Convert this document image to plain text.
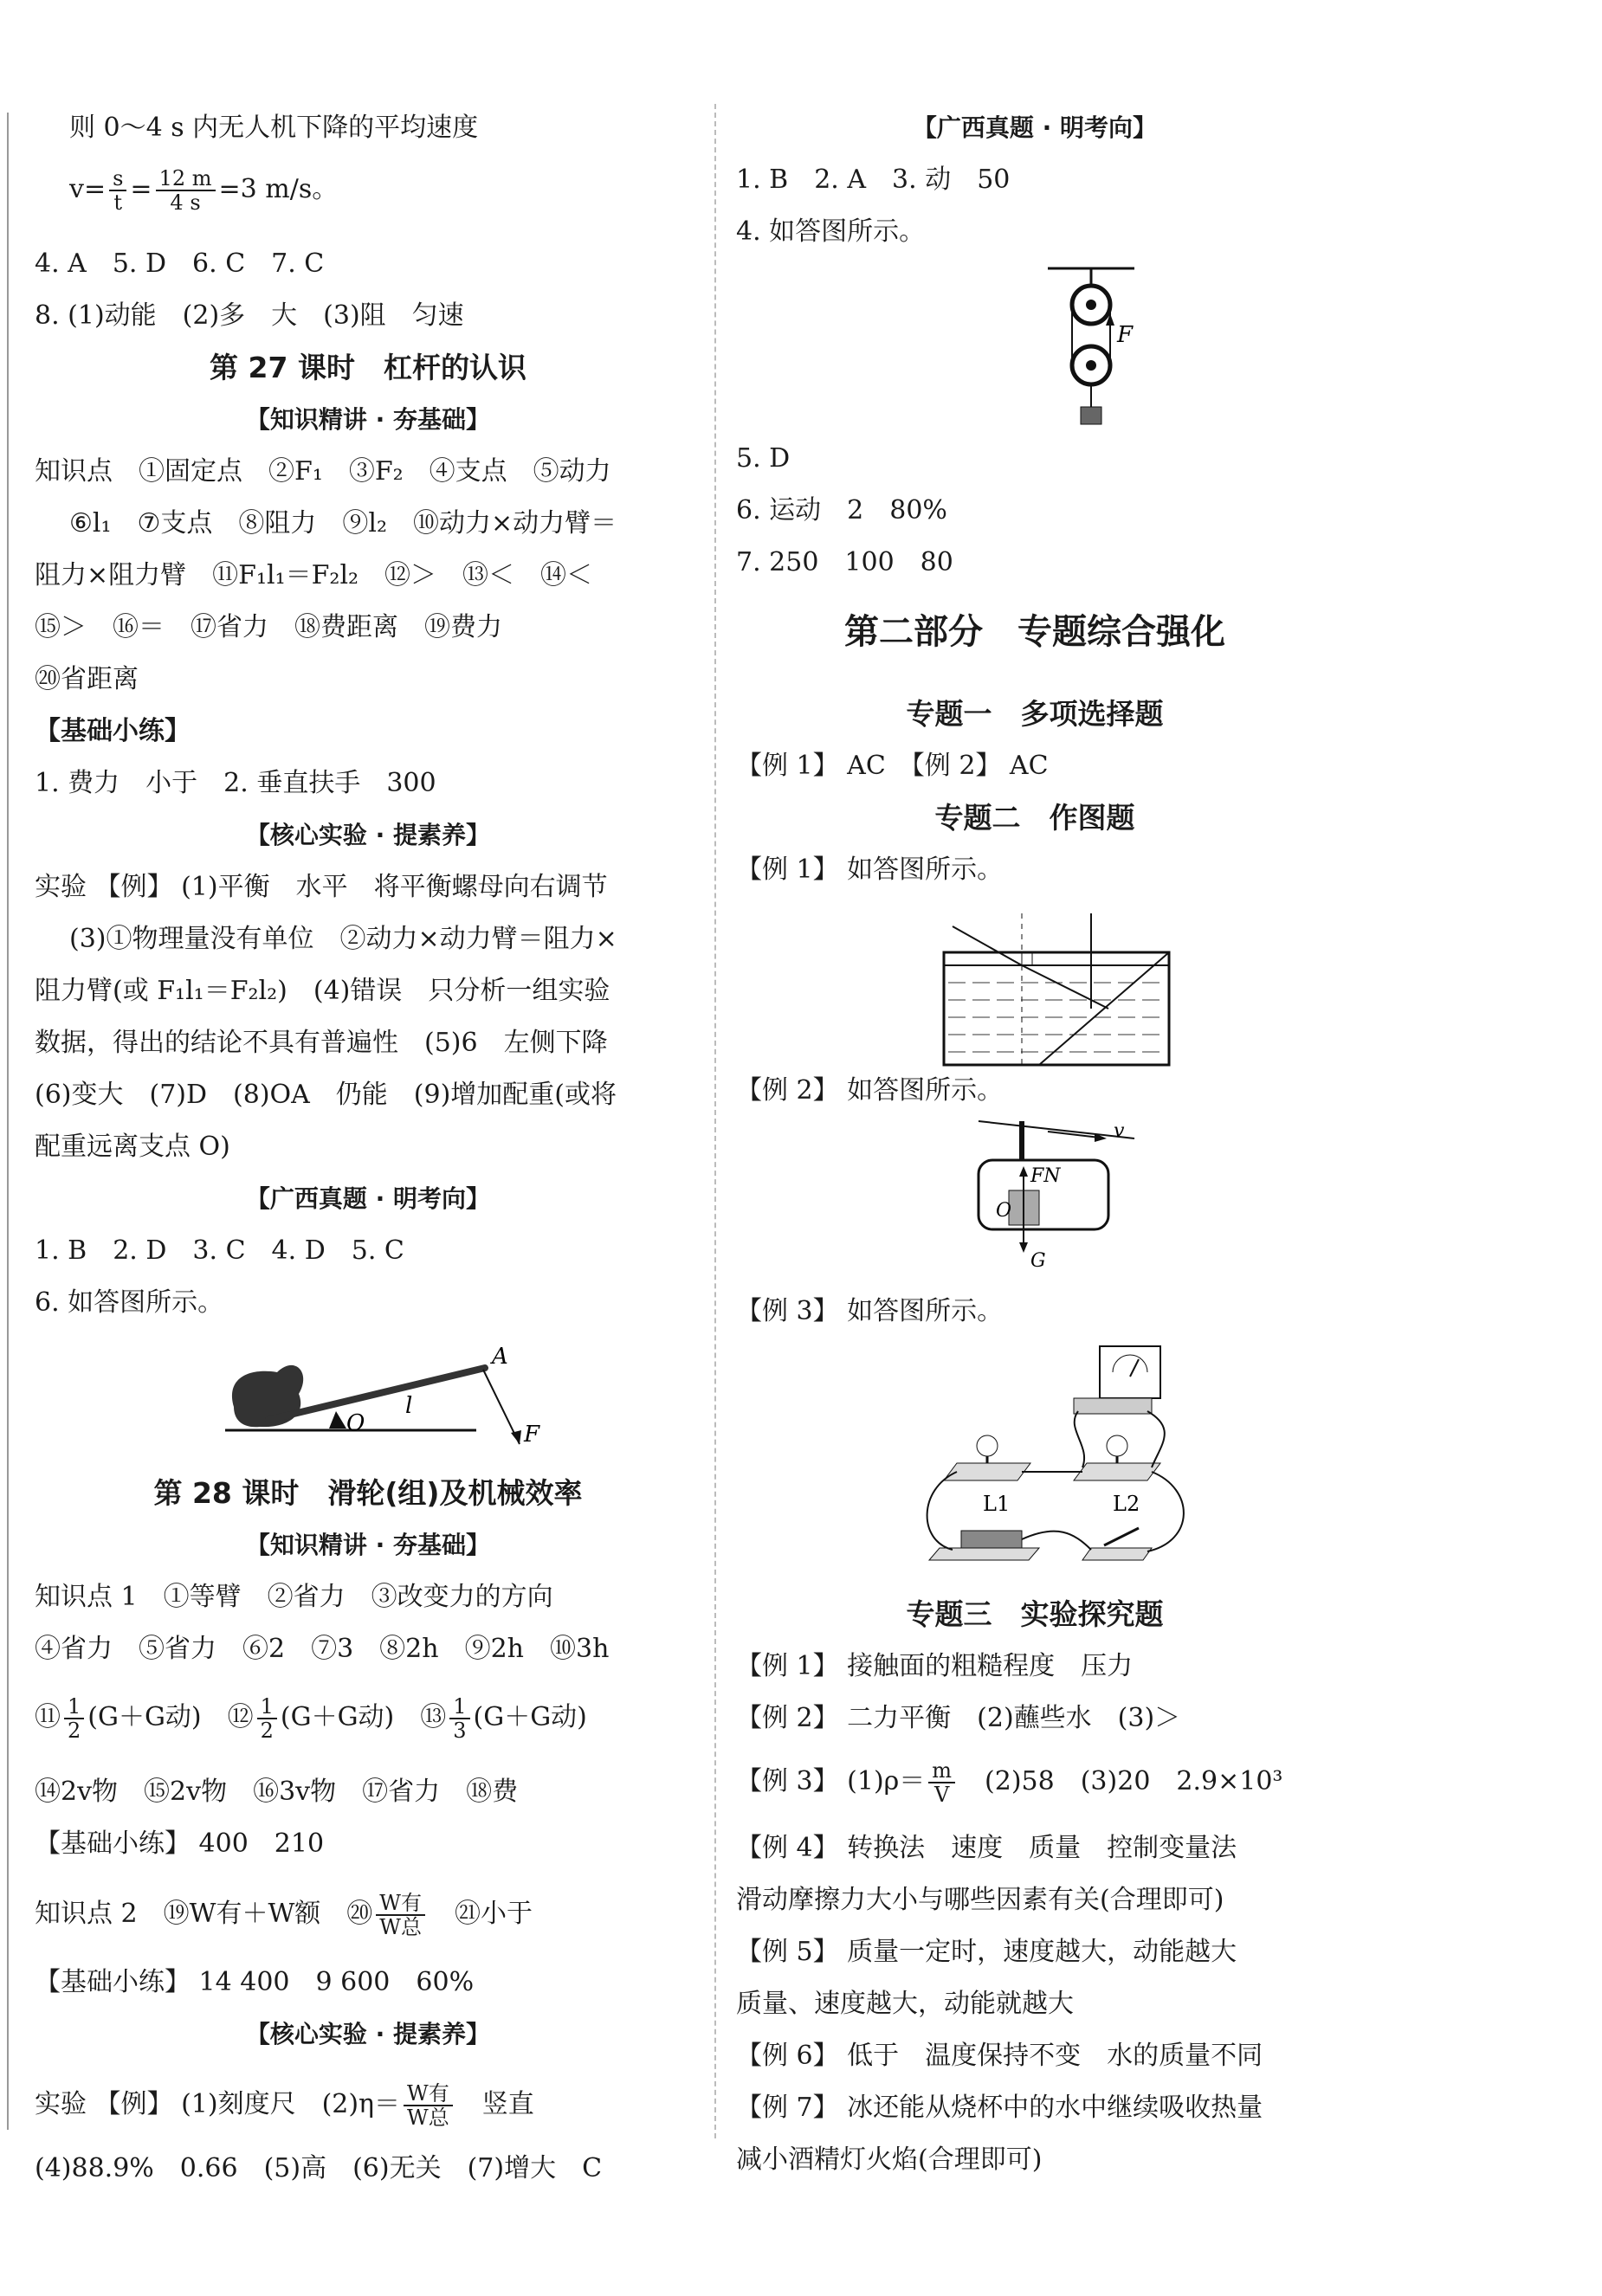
则 0～4 s 内无人机下降的平均速度
$v= \frac{s}{t} = \frac{12 m}{4 s} =3$ m/s。
4. A　5. D　6. C　7. C
8. (1)动能　(2)多　大　(3)阻　匀速
第 27 课时　杠杆的认识
【知识精讲 · 夯基础】
知识点　①固定点　②F₁　③F₂　④支点　⑤动力
⑥l₁　⑦支点　⑧阻力　⑨l₂　⑩动力×动力臂＝
阻力×阻力臂　⑪F₁l₁＝F₂l₂　⑫＞　⑬＜　⑭＜
⑮＞　⑯＝　⑰省力　⑱费距离　⑲费力
⑳省距离
【基础小练】
1. 费力　小于　2. 垂直扶手　300
【核心实验 · 提素养】
实验 【例】 (1)平衡　水平　将平衡螺母向右调节
(3)①物理量没有单位　②动力×动力臂＝阻力×
阻力臂(或 F₁l₁＝F₂l₂)　(4)错误　只分析一组实验
数据，得出的结论不具有普遍性　(5)6　左侧下降
(6)变大　(7)D　(8)OA　仍能　(9)增加配重(或将
配重远离支点 O)
【广西真题 · 明考向】
1. B　2. D　3. C　4. D　5. C
6. 如答图所示。
A
F
l
O
第 28 课时　滑轮(组)及机械效率
【知识精讲 · 夯基础】
知识点 1　①等臂　②省力　③改变力的方向
④省力　⑤省力　⑥2　⑦3　⑧2h　⑨2h　⑩3h
⑪ $\frac{1}{2} (G+G$动)　⑫ $\frac{1}{2} (G+G$动)　⑬ $\frac{1}{3} (G+G$动)
⑭2v物　⑮2v物　⑯3v物　⑰省力　⑱费
【基础小练】 400　210
知识点 2　⑲W有＋W额　⑳ W有
W总 　㉑小于
【基础小练】 14 400　9 600　60%
【核心实验 · 提素养】
实验 【例】 (1)刻度尺　(2)η＝ W有
W总 　竖直
(4)88.9%　0.66　(5)高　(6)无关　(7)增大　C
【广西真题 · 明考向】
1. B　2. A　3. 动　50
4. 如答图所示。
F
5. D
6. 运动　2　80%
7. 250　100　80
第二部分　专题综合强化
专题一　多项选择题
【例 1】 AC　【例 2】 AC
专题二　作图题
【例 1】 如答图所示。
【例 2】 如答图所示。
v
FN
O
G
【例 3】 如答图所示。
L1	L2
专题三　实验探究题
【例 1】 接触面的粗糙程度　压力
【例 2】 二力平衡　(2)蘸些水　(3)＞
【例 3】 $(1)\rho= \frac{m}{V}$ 　(2)58　(3)20　2.9×10³
【例 4】 转换法　速度　质量　控制变量法
滑动摩擦力大小与哪些因素有关(合理即可)
【例 5】 质量一定时，速度越大，动能越大
质量、速度越大，动能就越大
【例 6】 低于　温度保持不变　水的质量不同
【例 7】 冰还能从烧杯中的水中继续吸收热量
减小酒精灯火焰(合理即可)
